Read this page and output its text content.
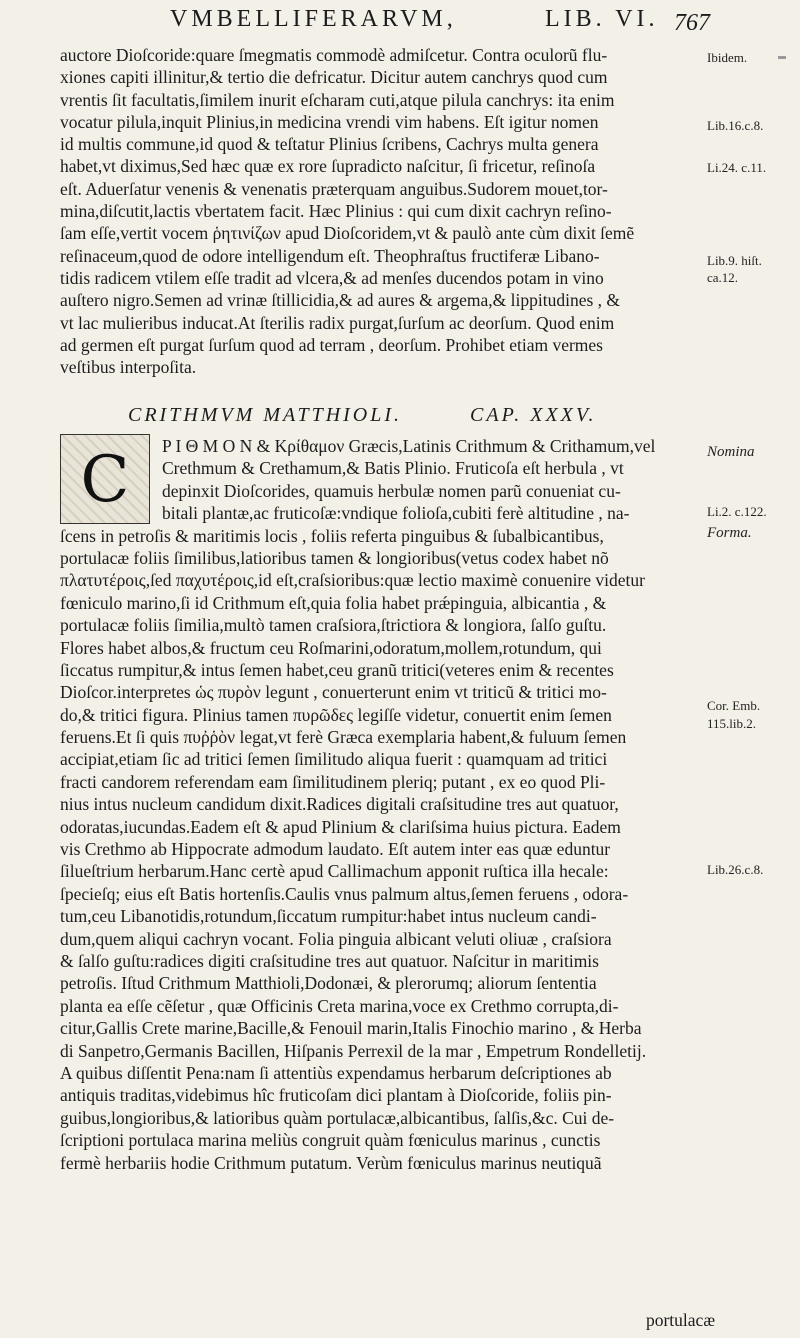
VMBELLIFERARVM,	LIB. VI. 767
auctore Dioſcoride:quare ſmegmatis commodè admiſcetur. Contra oculorũ flu-
xiones capiti illinitur,& tertio die defricatur. Dicitur autem canchrys quod cum
vrentis ſit facultatis,ſimilem inurit eſcharam cuti,atque pilula canchrys: ita enim
vocatur pilula,inquit Plinius,in medicina vrendi vim habens. Eſt igitur nomen
id multis commune,id quod & teſtatur Plinius ſcribens, Cachrys multa genera
habet,vt diximus,Sed hæc quæ ex rore ſupradicto naſcitur, ſi fricetur, reſinoſa
eſt. Aduerſatur venenis & venenatis præterquam anguibus.Sudorem mouet,tor-
mina,diſcutit,lactis vbertatem facit. Hæc Plinius : qui cum dixit cachryn reſino-
ſam eſſe,vertit vocem ῥητινίζων apud Dioſcoridem,vt & paulò ante cùm dixit ſemẽ
reſinaceum,quod de odore intelligendum eſt. Theophraſtus fructiferæ Libano-
tidis radicem vtilem eſſe tradit ad vlcera,& ad menſes ducendos potam in vino
auſtero nigro.Semen ad vrinæ ſtillicidia,& ad aures & argema,& lippitudines , &
vt lac mulieribus inducat.At ſterilis radix purgat,ſurſum ac deorſum. Quod enim
ad germen eſt purgat ſurſum quod ad terram , deorſum. Prohibet etiam vermes
veſtibus interpoſita.
CRITHMVM MATTHIOLI.	CAP. XXXV.
C	P I Θ M O N & Κρίθαμον Græcis,Latinis Crithmum & Crithamum,vel
Crethmum & Crethamum,& Batis Plinio. Fruticoſa eſt herbula , vt
depinxit Dioſcorides, quamuis herbulæ nomen parũ conueniat cu-
bitali plantæ,ac fruticoſæ:vndique folioſa,cubiti ferè altitudine , na-
ſcens in petroſis & maritimis locis , foliis referta pinguibus & ſubalbicantibus,
portulacæ foliis ſimilibus,latioribus tamen & longioribus(vetus codex habet nõ
πλατυτέροις,ſed παχυτέροις,id eſt,craſsioribus:quæ lectio maximè conuenire videtur
fœniculo marino,ſi id Crithmum eſt,quia folia habet prǽpinguia, albicantia , &
portulacæ foliis ſimilia,multò tamen craſsiora,ſtrictiora & longiora, ſalſo guſtu.
Flores habet albos,& fructum ceu Roſmarini,odoratum,mollem,rotundum, qui
ſiccatus rumpitur,& intus ſemen habet,ceu granũ tritici(veteres enim & recentes
Dioſcor.interpretes ὡς πυρὸν legunt , conuerterunt enim vt triticũ & tritici mo-
do,& tritici figura. Plinius tamen πυρῶδες legiſſe videtur, conuertit enim ſemen
feruens.Et ſi quis πυῤῥὸν legat,vt ferè Græca exemplaria habent,& fuluum ſemen
accipiat,etiam ſic ad tritici ſemen ſimilitudo aliqua fuerit : quamquam ad tritici
fracti candorem referendam eam ſimilitudinem pleriq; putant , ex eo quod Pli-
nius intus nucleum candidum dixit.Radices digitali craſsitudine tres aut quatuor,
odoratas,iucundas.Eadem eſt & apud Plinium & clariſsima huius pictura. Eadem
vis Crethmo ab Hippocrate admodum laudato. Eſt autem inter eas quæ eduntur
ſilueſtrium herbarum.Hanc certè apud Callimachum apponit ruſtica illa hecale:
ſpecieſq; eius eſt Batis hortenſis.Caulis vnus palmum altus,ſemen feruens , odora-
tum,ceu Libanotidis,rotundum,ſiccatum rumpitur:habet intus nucleum candi-
dum,quem aliqui cachryn vocant. Folia pinguia albicant veluti oliuæ , craſsiora
& ſalſo guſtu:radices digiti craſsitudine tres aut quatuor. Naſcitur in maritimis
petroſis. Iſtud Crithmum Matthioli,Dodonæi, & plerorumq; aliorum ſententia
planta ea eſſe cẽſetur , quæ Officinis Creta marina,voce ex Crethmo corrupta,di-
citur,Gallis Crete marine,Bacille,& Fenouil marin,Italis Finochio marino , & Herba
di Sanpetro,Germanis Bacillen, Hiſpanis Perrexil de la mar , Empetrum Rondelletij.
A quibus diſſentit Pena:nam ſi attentiùs expendamus herbarum deſcriptiones ab
antiquis traditas,videbimus hîc fruticoſam dici plantam à Dioſcoride, foliis pin-
guibus,longioribus,& latioribus quàm portulacæ,albicantibus, ſalſis,&c. Cui de-
ſcriptioni portulaca marina meliùs congruit quàm fœniculus marinus , cunctis
fermè herbariis hodie Crithmum putatum. Verùm fœniculus marinus neutiquã
portulacæ
Ibidem.
Lib.16.c.8.
Li.24. c.11.
Lib.9. hiſt.
ca.12.
Nomina
Li.2. c.122.
Forma.
Cor. Emb.
115.lib.2.
Lib.26.c.8.
